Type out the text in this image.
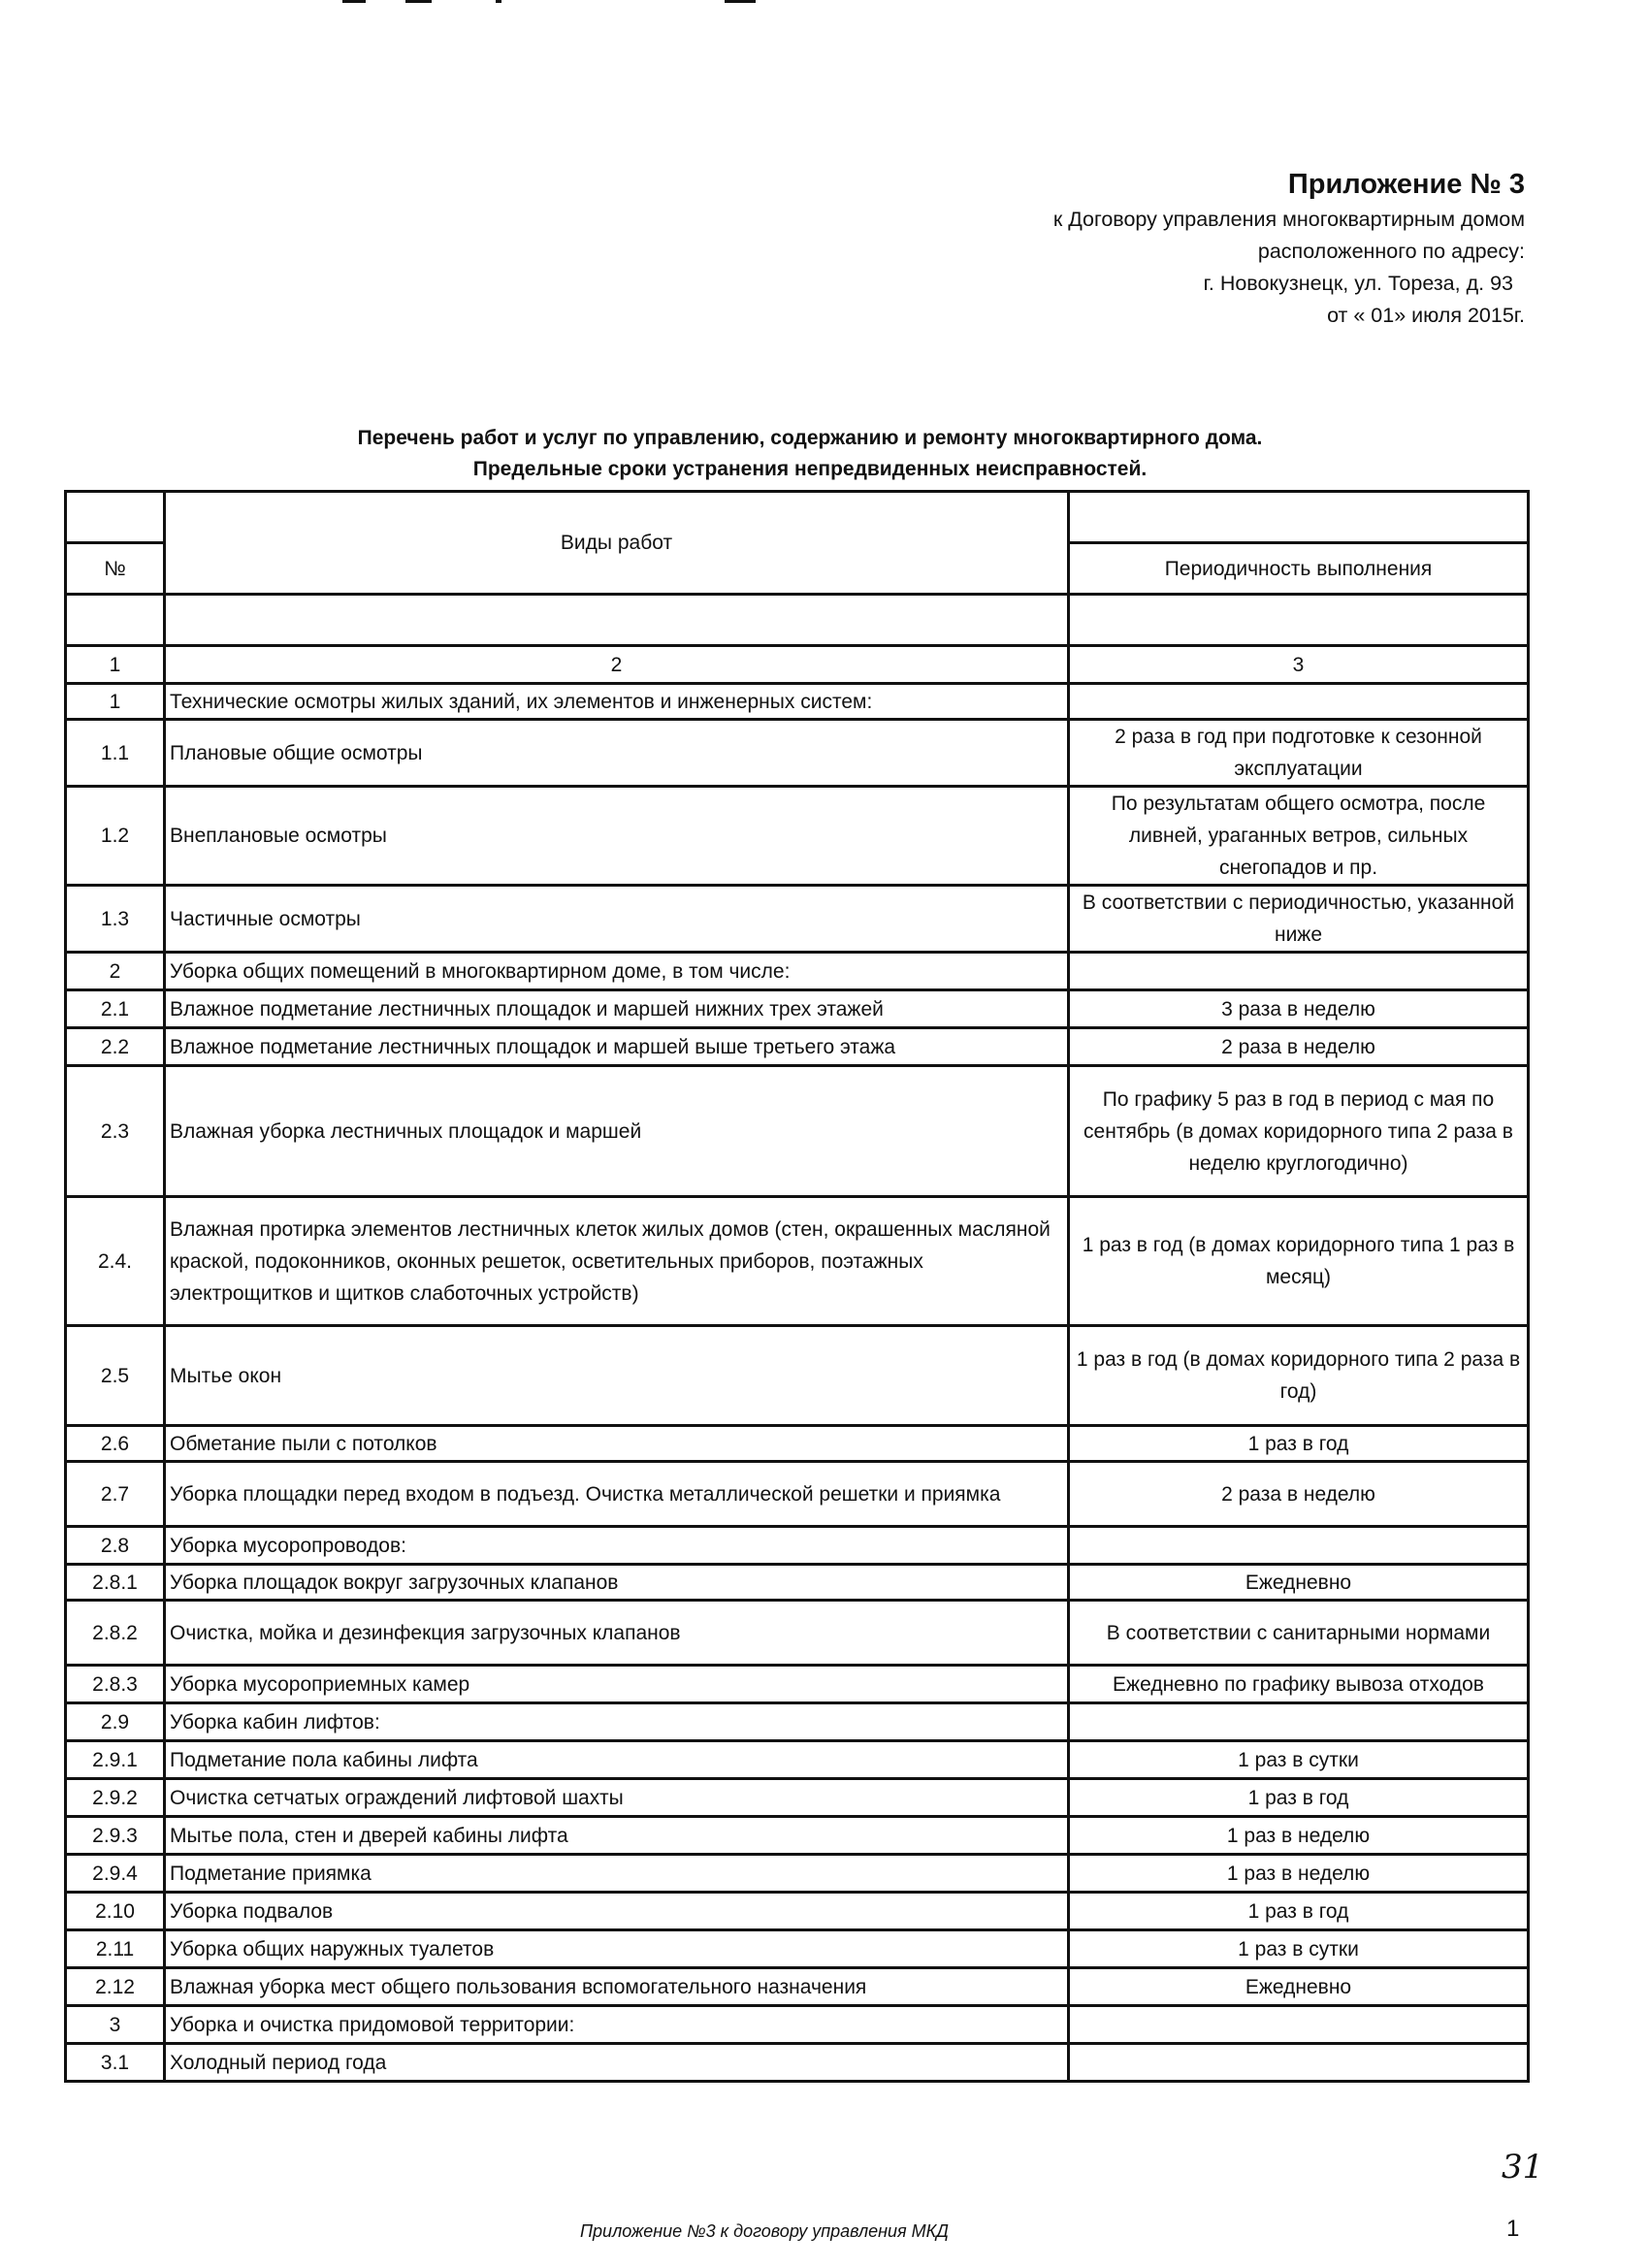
Приложение № 3
к Договору управления многоквартирным домом
расположенного по адресу:
г. Новокузнецк, ул. Тореза, д. 93
от « 01» июля 2015г.
Перечень работ и услуг по управлению, содержанию и ремонту многоквартирного дома.
Предельные сроки устранения непредвиденных неисправностей.
	Виды работ	
№		Периодичность выполнения

1	2	3
1	Технические осмотры жилых зданий, их элементов и инженерных систем:	
1.1	Плановые общие осмотры	2 раза в год при подготовке к сезонной эксплуатации
1.2	Внеплановые осмотры	По результатам общего осмотра, после ливней, ураганных ветров, сильных снегопадов и пр.
1.3	Частичные осмотры	В соответствии с периодичностью, указанной ниже
2	Уборка общих помещений в многоквартирном доме, в том числе:	
2.1	Влажное подметание лестничных площадок и маршей нижних трех этажей	3 раза в неделю
2.2	Влажное подметание лестничных площадок и маршей выше третьего этажа	2 раза в неделю
2.3	Влажная уборка лестничных площадок и маршей	По графику 5 раз в год в период с мая по сентябрь (в домах коридорного типа 2 раза в неделю круглогодично)
2.4.	Влажная протирка элементов лестничных клеток жилых домов (стен, окрашенных масляной краской, подоконников, оконных решеток, осветительных приборов, поэтажных электрощитков и щитков слаботочных устройств)	1 раз в год (в домах коридорного типа 1 раз в месяц)
2.5	Мытье окон	1 раз в год (в домах коридорного типа 2 раза в год)
2.6	Обметание пыли с потолков	1 раз в год
2.7	Уборка площадки перед входом в подъезд. Очистка металлической решетки и приямка	2 раза в неделю
2.8	Уборка мусоропроводов:	
2.8.1	Уборка площадок вокруг загрузочных клапанов	Ежедневно
2.8.2	Очистка, мойка и дезинфекция загрузочных клапанов	В соответствии с санитарными нормами
2.8.3	Уборка мусороприемных камер	Ежедневно по графику вывоза отходов
2.9	Уборка кабин лифтов:	
2.9.1	Подметание пола кабины лифта	1 раз в сутки
2.9.2	Очистка сетчатых ограждений лифтовой шахты	1 раз в год
2.9.3	Мытье пола, стен и дверей кабины лифта	1 раз в неделю
2.9.4	Подметание приямка	1 раз в неделю
2.10	Уборка подвалов	1 раз в год
2.11	Уборка общих наружных туалетов	1 раз в сутки
2.12	Влажная уборка мест общего пользования вспомогательного назначения	Ежедневно
3	Уборка и очистка придомовой территории:	
3.1	Холодный период года	
31
Приложение №3 к договору управления МКД	1
